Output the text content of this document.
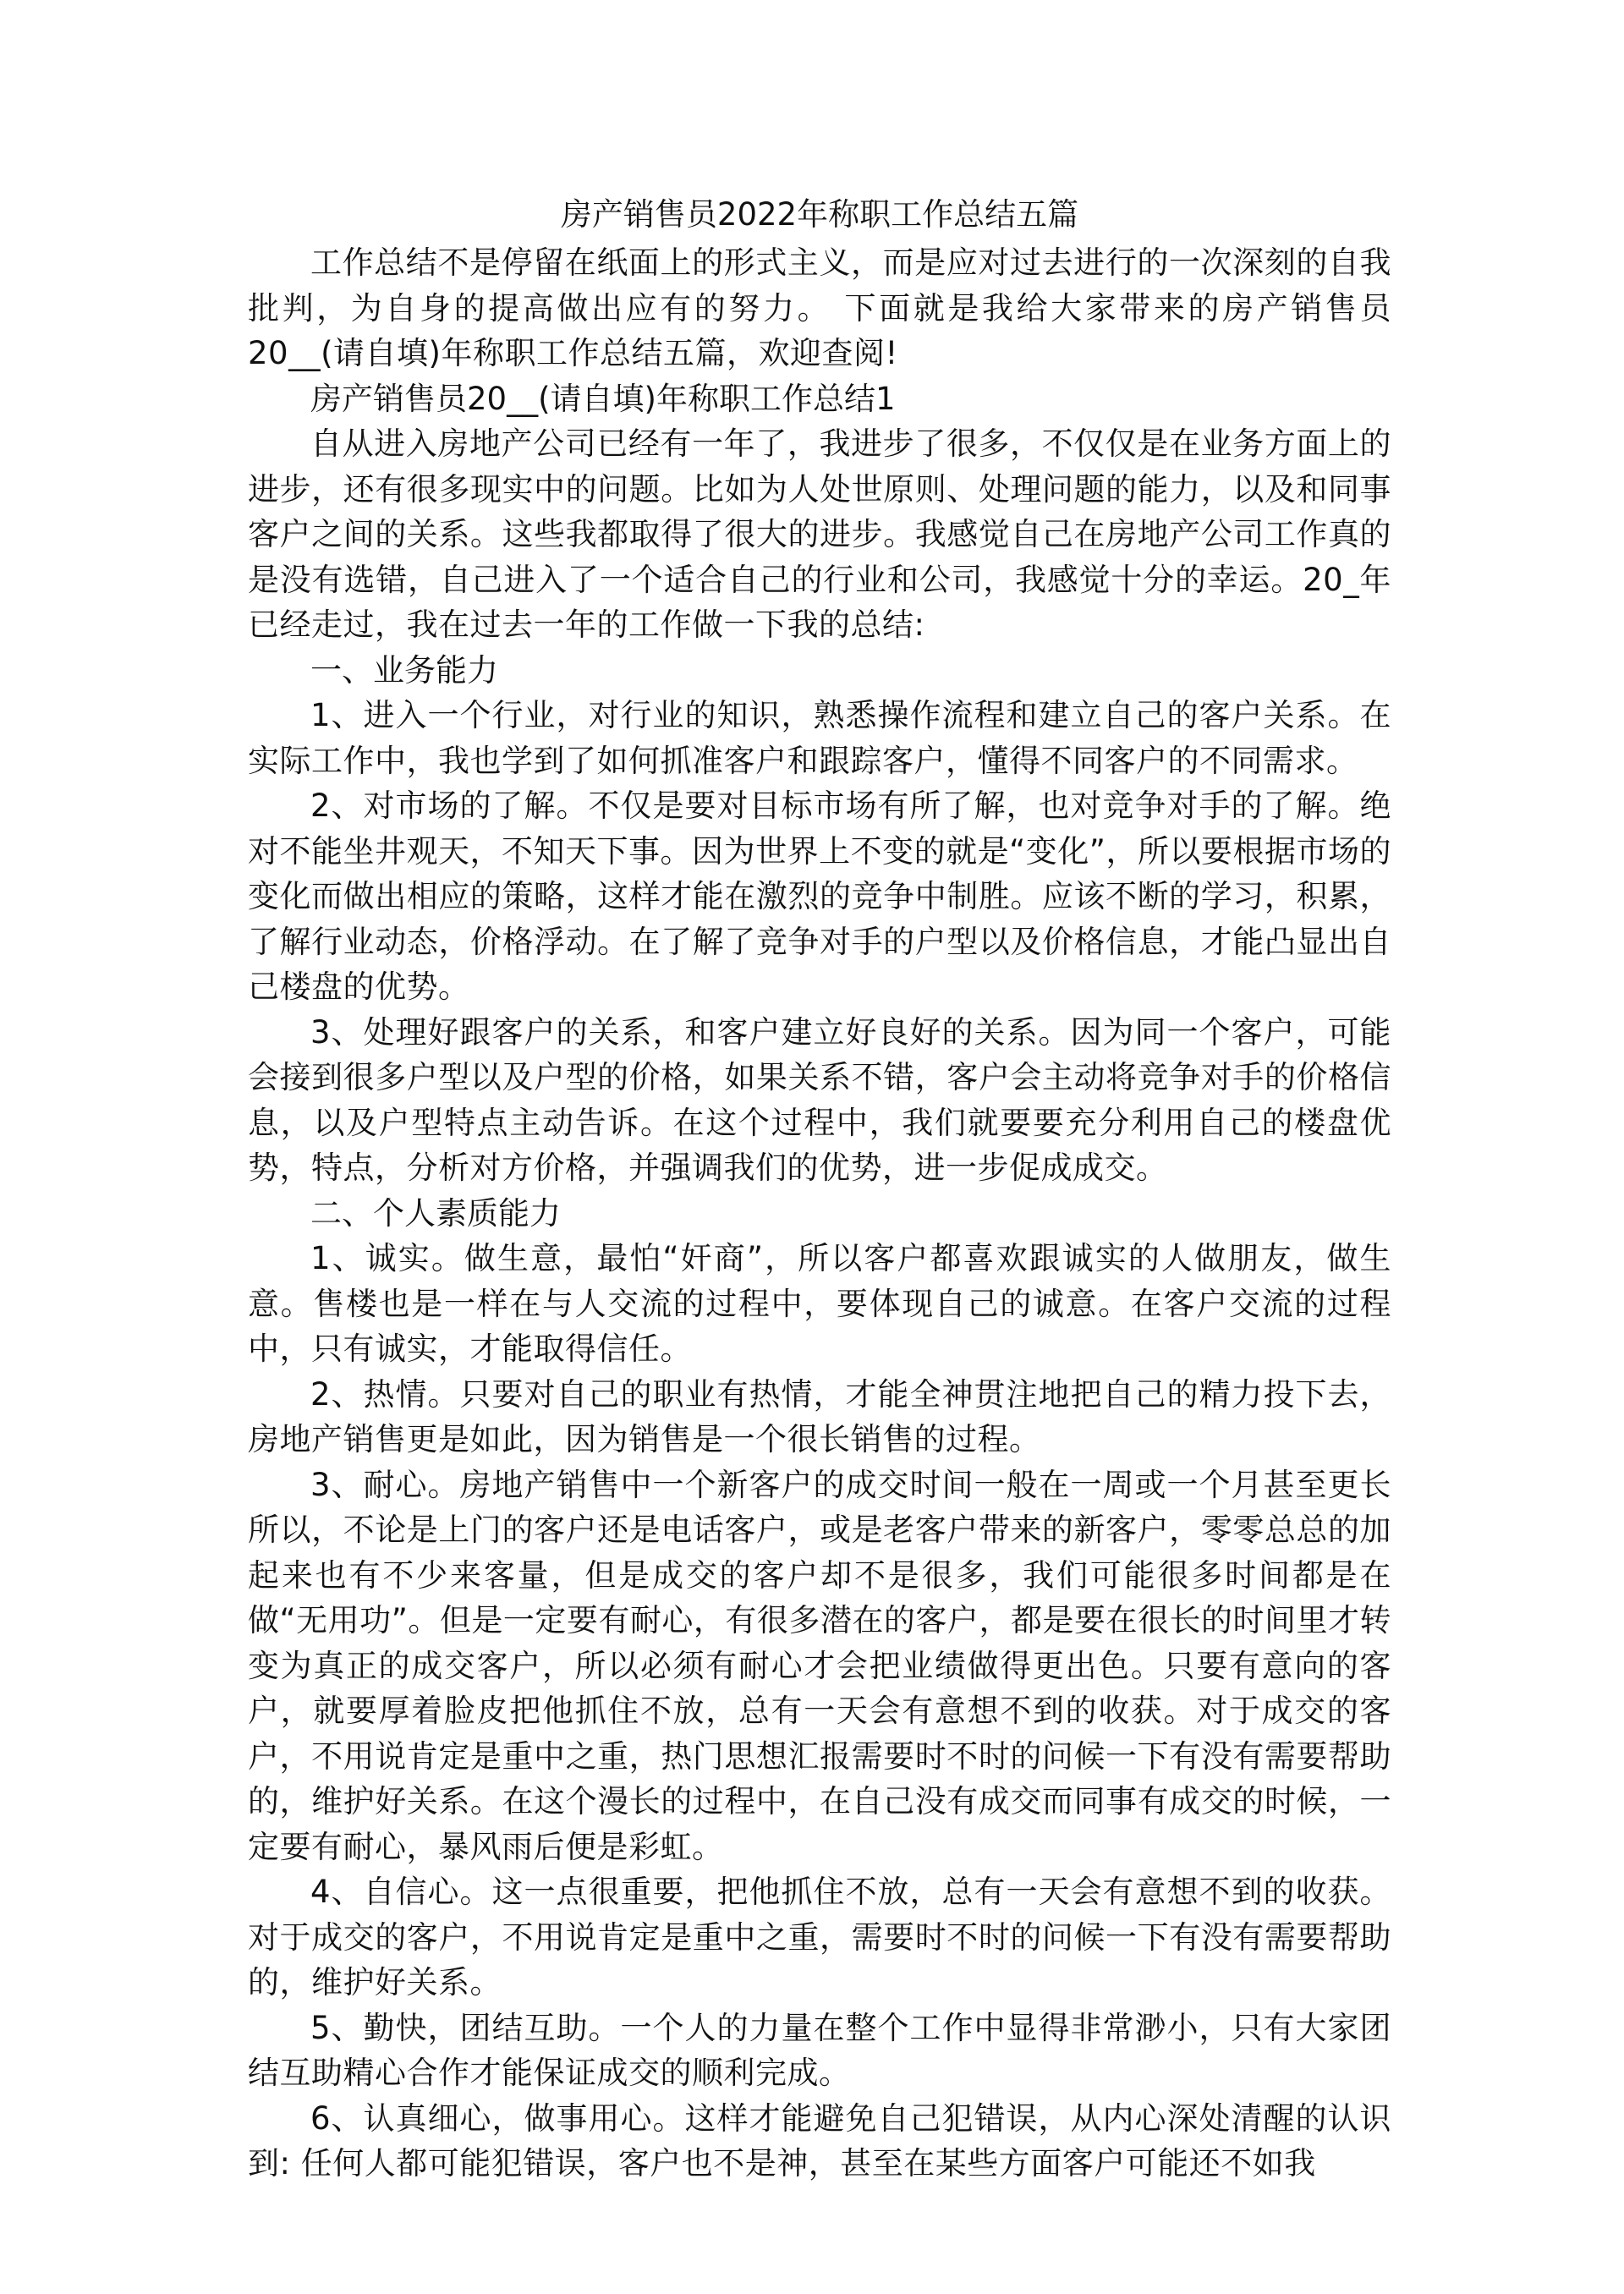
房产销售员2022年称职工作总结五篇

工作总结不是停留在纸面上的形式主义，而是应对过去进行的一次深刻的自我批判，为自身的提高做出应有的努力。 下面就是我给大家带来的房产销售员20__(请自填)年称职工作总结五篇，欢迎查阅!

房产销售员20__(请自填)年称职工作总结1

自从进入房地产公司已经有一年了，我进步了很多，不仅仅是在业务方面上的进步，还有很多现实中的问题。比如为人处世原则、处理问题的能力，以及和同事客户之间的关系。这些我都取得了很大的进步。我感觉自己在房地产公司工作真的是没有选错，自己进入了一个适合自己的行业和公司，我感觉十分的幸运。20_年已经走过，我在过去一年的工作做一下我的总结:

一、业务能力

1、进入一个行业，对行业的知识，熟悉操作流程和建立自己的客户关系。在实际工作中，我也学到了如何抓准客户和跟踪客户，懂得不同客户的不同需求。

2、对市场的了解。不仅是要对目标市场有所了解，也对竞争对手的了解。绝对不能坐井观天，不知天下事。因为世界上不变的就是“变化”，所以要根据市场的变化而做出相应的策略，这样才能在激烈的竞争中制胜。应该不断的学习，积累，了解行业动态，价格浮动。在了解了竞争对手的户型以及价格信息，才能凸显出自己楼盘的优势。

3、处理好跟客户的关系，和客户建立好良好的关系。因为同一个客户，可能会接到很多户型以及户型的价格，如果关系不错，客户会主动将竞争对手的价格信息，以及户型特点主动告诉。在这个过程中，我们就要要充分利用自己的楼盘优势，特点，分析对方价格，并强调我们的优势，进一步促成成交。

二、个人素质能力

1、诚实。做生意，最怕“奸商”，所以客户都喜欢跟诚实的人做朋友，做生意。售楼也是一样在与人交流的过程中，要体现自己的诚意。在客户交流的过程中，只有诚实，才能取得信任。

2、热情。只要对自己的职业有热情，才能全神贯注地把自己的精力投下去，房地产销售更是如此，因为销售是一个很长销售的过程。

3、耐心。房地产销售中一个新客户的成交时间一般在一周或一个月甚至更长所以，不论是上门的客户还是电话客户，或是老客户带来的新客户，零零总总的加起来也有不少来客量，但是成交的客户却不是很多，我们可能很多时间都是在做“无用功”。但是一定要有耐心，有很多潜在的客户，都是要在很长的时间里才转变为真正的成交客户，所以必须有耐心才会把业绩做得更出色。只要有意向的客户，就要厚着脸皮把他抓住不放，总有一天会有意想不到的收获。对于成交的客户，不用说肯定是重中之重，热门思想汇报需要时不时的问候一下有没有需要帮助的，维护好关系。在这个漫长的过程中，在自己没有成交而同事有成交的时候，一定要有耐心，暴风雨后便是彩虹。

4、自信心。这一点很重要，把他抓住不放，总有一天会有意想不到的收获。对于成交的客户，不用说肯定是重中之重，需要时不时的问候一下有没有需要帮助的，维护好关系。

5、勤快，团结互助。一个人的力量在整个工作中显得非常渺小，只有大家团结互助精心合作才能保证成交的顺利完成。

6、认真细心，做事用心。这样才能避免自己犯错误，从内心深处清醒的认识到: 任何人都可能犯错误，客户也不是神，甚至在某些方面客户可能还不如我
